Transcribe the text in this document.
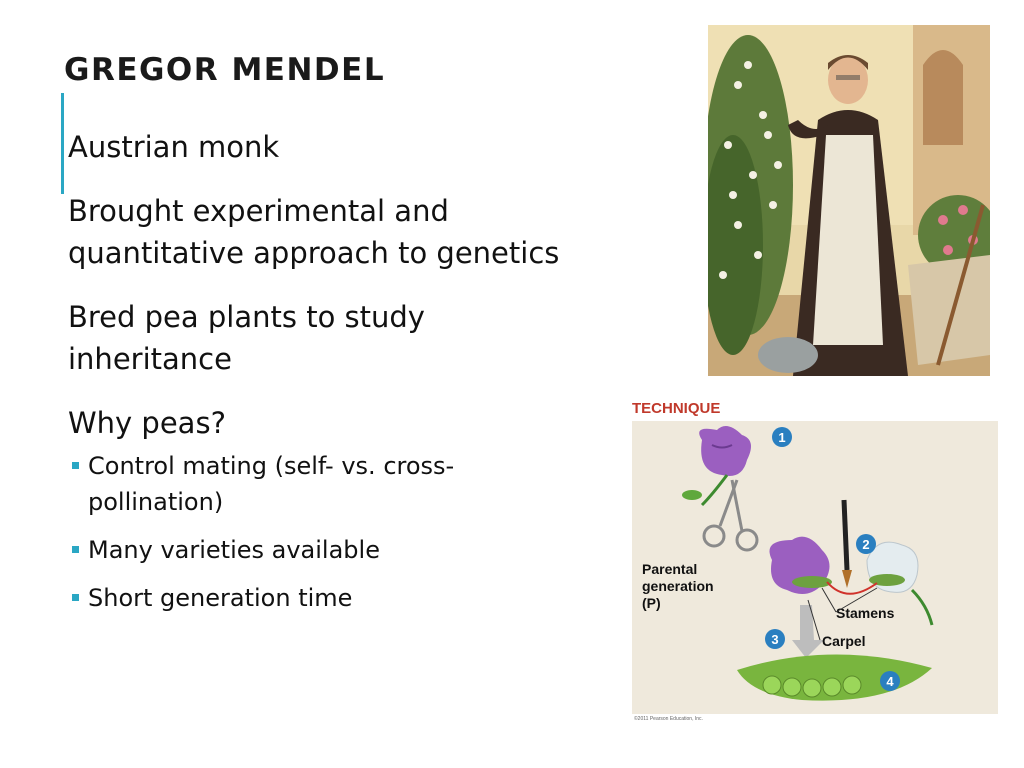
GREGOR MENDEL

Austrian monk

Brought experimental and quantitative approach to genetics

Bred pea plants to study inheritance

Why peas?

Control mating (self- vs. cross-pollination)
Many varieties available
Short generation time
TECHNIQUE
1
2
3
4
Parental generation (P)
Stamens
Carpel
©2011 Pearson Education, Inc.
